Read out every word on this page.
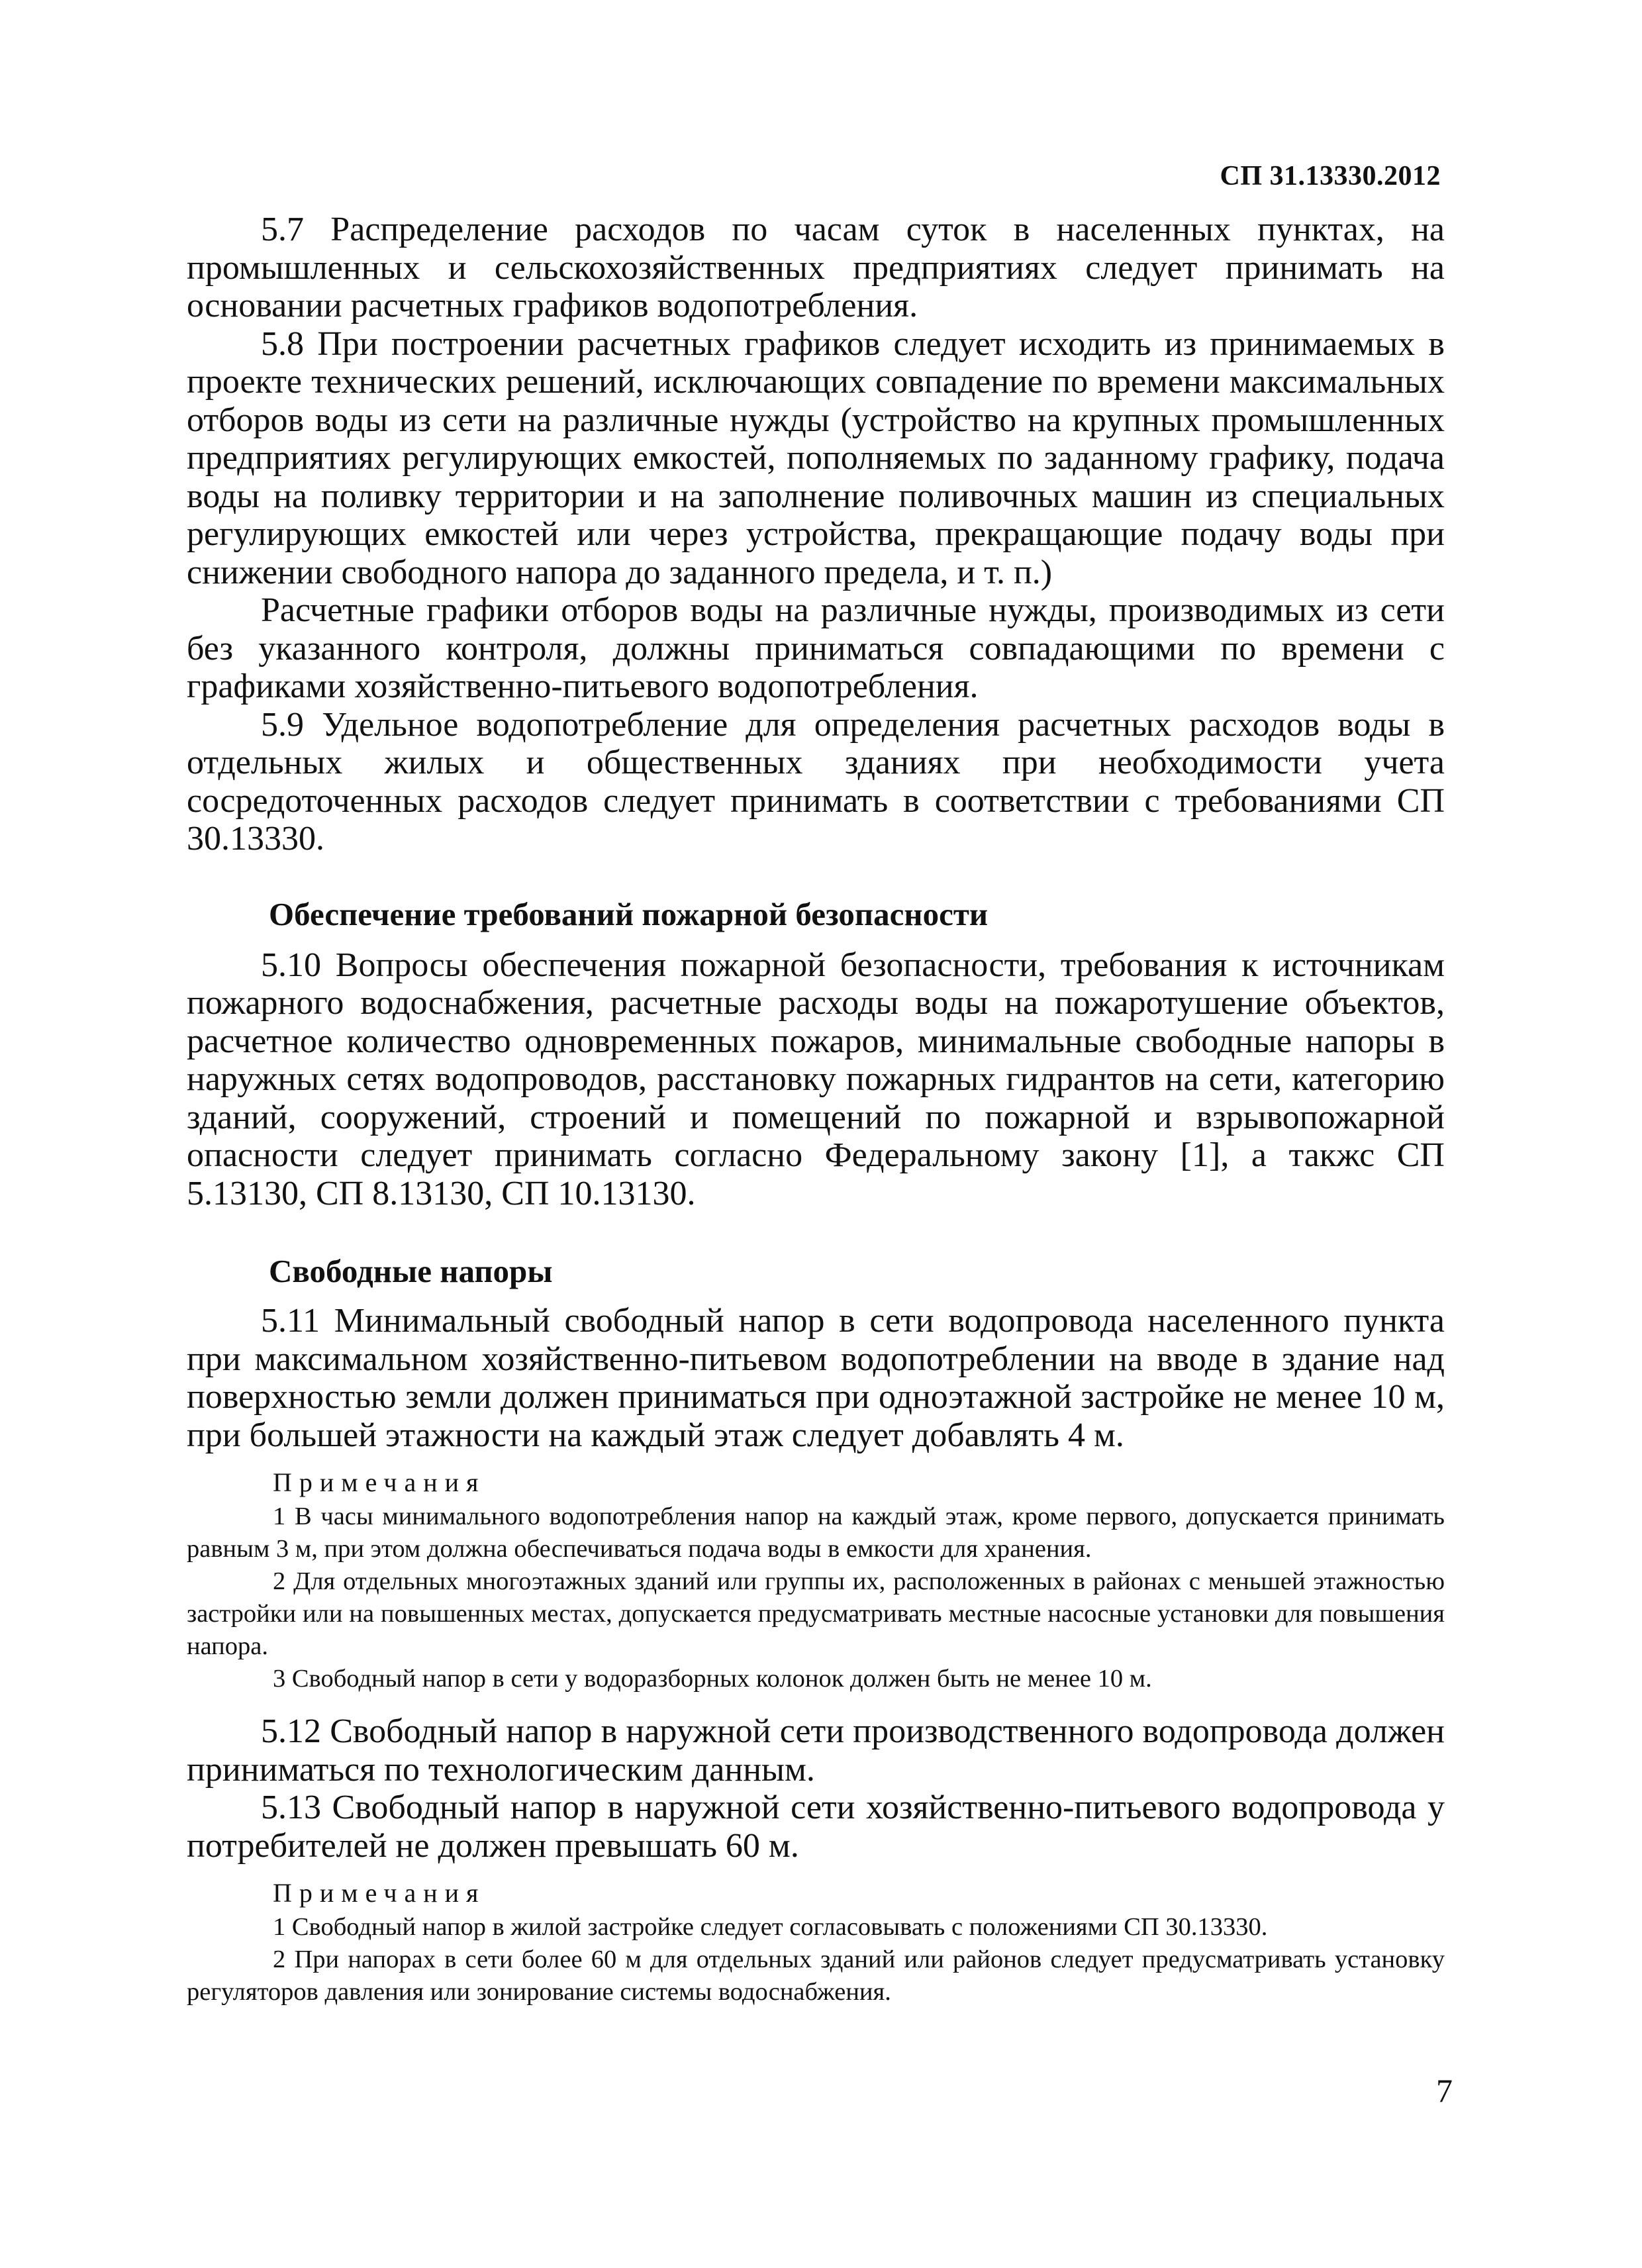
СП 31.13330.2012

5.7 Распределение расходов по часам суток в населенных пунктах, на промышленных и сельскохозяйственных предприятиях следует принимать на основании расчетных графиков водопотребления.

5.8 При построении расчетных графиков следует исходить из принимаемых в проекте технических решений, исключающих совпадение по времени максимальных отборов воды из сети на различные нужды (устройство на крупных промышленных предприятиях регулирующих емкостей, пополняемых по заданному графику, подача воды на поливку территории и на заполнение поливочных машин из специальных регулирующих емкостей или через устройства, прекращающие подачу воды при снижении свободного напора до заданного предела, и т. п.)

Расчетные графики отборов воды на различные нужды, производимых из сети без указанного контроля, должны приниматься совпадающими по времени с графиками хозяйственно-питьевого водопотребления.

5.9 Удельное водопотребление для определения расчетных расходов воды в отдельных жилых и общественных зданиях при необходимости учета сосредоточенных расходов следует принимать в соответствии с требованиями СП 30.13330.

Обеспечение требований пожарной безопасности

5.10 Вопросы обеспечения пожарной безопасности, требования к источникам пожарного водоснабжения, расчетные расходы воды на пожаротушение объектов, расчетное количество одновременных пожаров, минимальные свободные напоры в наружных сетях водопроводов, расстановку пожарных гидрантов на сети, категорию зданий, сооружений, строений и помещений по пожарной и взрывопожарной опасности следует принимать согласно Федеральному закону [1], а такжс СП 5.13130, СП 8.13130, СП 10.13130.

Свободные напоры

5.11 Минимальный свободный напор в сети водопровода населенного пункта при максимальном хозяйственно-питьевом водопотреблении на вводе в здание над поверхностью земли должен приниматься при одноэтажной застройке не менее 10 м, при большей этажности на каждый этаж следует добавлять 4 м.

Примечания

1 В часы минимального водопотребления напор на каждый этаж, кроме первого, допускается принимать равным 3 м, при этом должна обеспечиваться подача воды в емкости для хранения.

2 Для отдельных многоэтажных зданий или группы их, расположенных в районах с меньшей этажностью застройки или на повышенных местах, допускается предусматривать местные насосные установки для повышения напора.

3 Свободный напор в сети у водоразборных колонок должен быть не менее 10 м.

5.12 Свободный напор в наружной сети производственного водопровода должен приниматься по технологическим данным.

5.13 Свободный напор в наружной сети хозяйственно-питьевого водопровода у потребителей не должен превышать 60 м.

Примечания

1 Свободный напор в жилой застройке следует согласовывать с положениями СП 30.13330.

2 При напорах в сети более 60 м для отдельных зданий или районов следует предусматривать установку регуляторов давления или зонирование системы водоснабжения.

7
